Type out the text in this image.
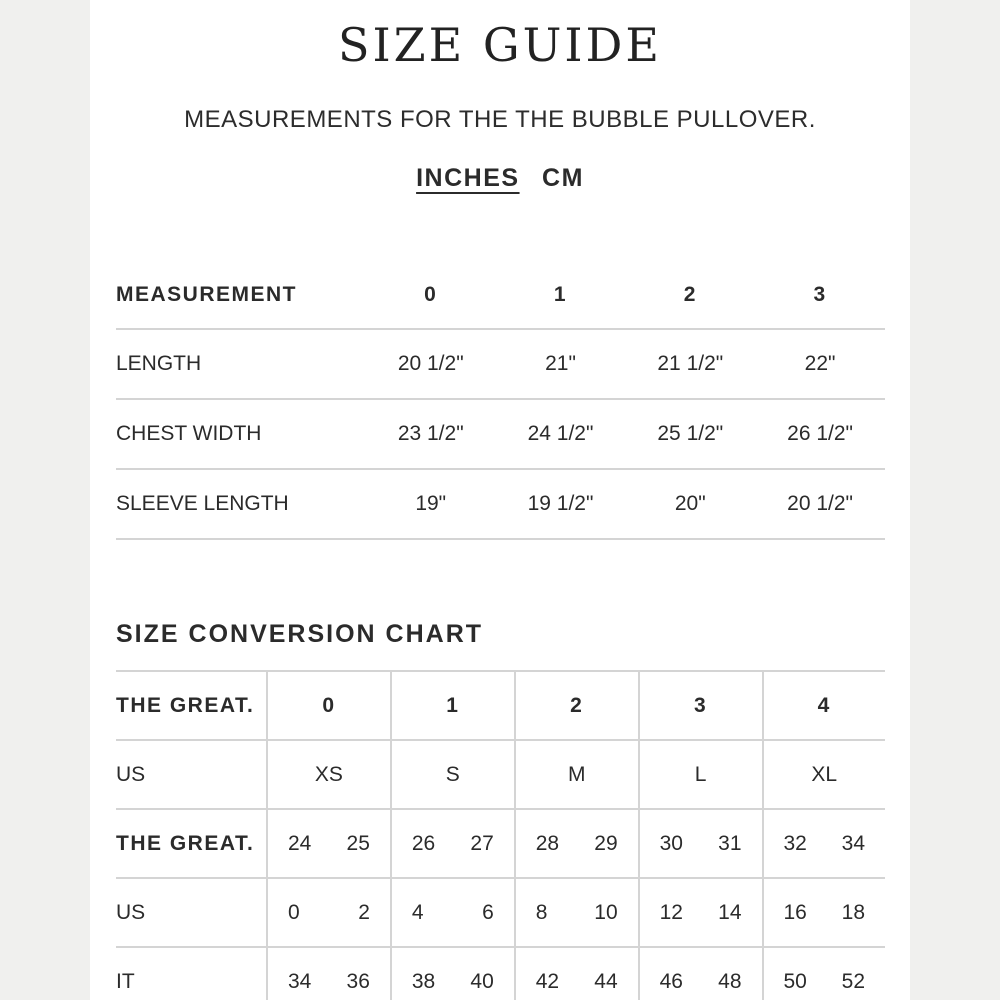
SIZE GUIDE
MEASUREMENTS FOR THE THE BUBBLE PULLOVER.
INCHES CM
MEASUREMENT	0	1	2	3
LENGTH	20 1/2"	21"	21 1/2"	22"
CHEST WIDTH	23 1/2"	24 1/2"	25 1/2"	26 1/2"
SLEEVE LENGTH	19"	19 1/2"	20"	20 1/2"
SIZE CONVERSION CHART
THE GREAT.	0	1	2	3	4
US	XS	S	M	L	XL
THE GREAT.	24 25	26 27	28 29	30 31	32 34

US	0 2	4 6	8 10	12 14	16 18

IT	34 36	38 40	42 44	46 48	50 52
